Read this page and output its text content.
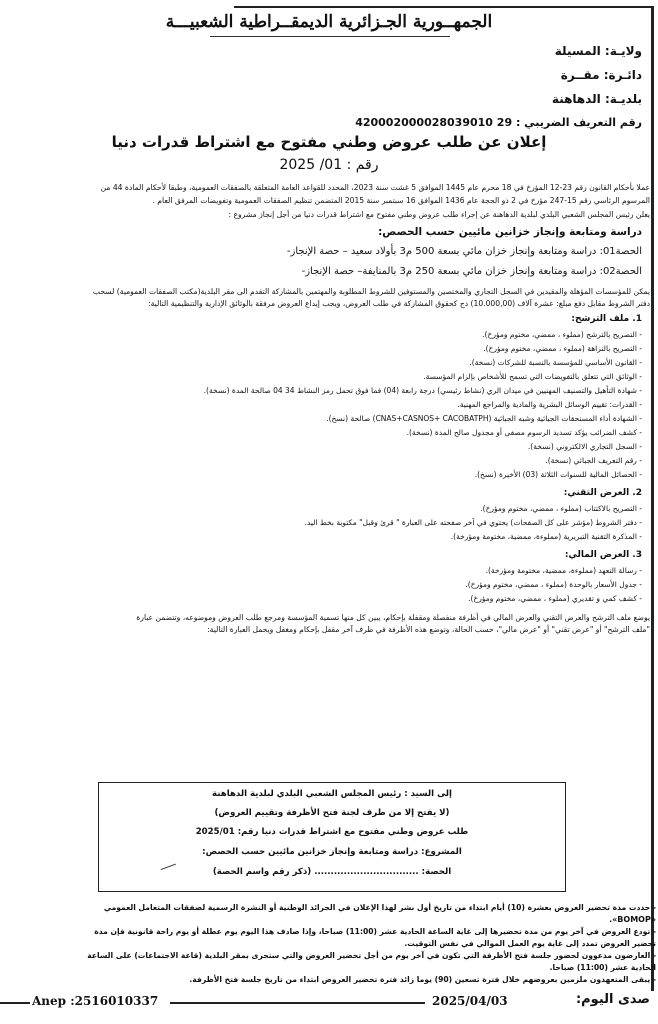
الجمهــورية الجـزائرية الديمقــراطية الشعبيـــة
ولايـة: المسيلة
دائـرة: مقــرة
بلديـة: الدهاهنة
رقم التعريف الضريبي : 420002000028039010 29
إعلان عن طلب عروض وطني مفتوح مع اشتراط قدرات دنيا
رقم : 01/ 2025
عملا بأحكام القانون رقم 23-12 المؤرخ في 18 محرم عام 1445 الموافق 5 غشت سنة 2023، المحدد للقواعد العامة المتعلقة بالصفقات العمومية، وطبقا لأحكام المادة 44 من
المرسوم الرئاسي رقم 15-247 مؤرخ في 2 ذو الحجة عام 1436 الموافق 16 سبتمبر سنة 2015 المتضمن تنظيم الصفقات العمومية وتفويضات المرفق العام .
يعلن رئيس المجلس الشعبي البلدي لبلدية الدهاهنة عن إجراء طلب عروض وطني مفتوح مع اشتراط قدرات دنيا من أجل إنجاز مشروع :
دراسة ومتابعة وإنجاز خزانين مائيين حسب الحصص:
الحصة01: دراسة ومتابعة وإنجاز خزان مائي بسعة 500 م3 بأولاد سعيد – حصة الإنجاز-
الحصة02: دراسة ومتابعة وإنجاز خزان مائي بسعة 250 م3 بالمنايفة– حصة الإنجاز-
يمكن للمؤسسات المؤهلة والمقيدين في السجل التجاري والمختصين والمستوفين للشروط المطلوبة والمهتمين بالمشاركة التقدم الى مقر البلدية(مكتب الصفقات العمومية) لسحب
دفتر الشروط مقابل دفع مبلغ: عشرة آلاف (10.000,00) دج كحقوق المشاركة في طلب العروض، ويجب إيداع العروض مرفقة بالوثائق الإدارية والتنظيمية التالية:
1. ملف الترشح:
- التصريح بالترشح (مملوء ، ممضي، مختوم ومؤرخ).
- التصريح بالنزاهة (مملوء ، ممضي، مختوم ومؤرخ).
- القانون الأساسي للمؤسسة بالنسبة للشركات (نسخة).
- الوثائق التي تتعلق بالتفويضات التي تسمح للأشخاص بإلزام المؤسسة.
- شهادة التأهيل والتصنيف المهنيين في ميدان الري (نشاط رئيسي) درجة رابعة (04) فما فوق تحمل رمز النشاط 34 04 صالحة المدة (نسخة).
- القدرات: تقييم الوسائل البشرية والمادية والمراجع المهنية.
- الشهادة أداء المستحقات الجبائية وشبه الجبائية (CNAS+CASNOS+ CACOBATPH) صالحة (نسخ).
- كشف الضرائب يؤكد تسديد الرسوم مصفى أو مجدول صالح المدة (نسخة).
- السجل التجاري الالكتروني (نسخة).
- رقم التعريف الجبائي (نسخة).
- الحصائل المالية للسنوات الثلاثة (03) الأخيرة (نسخ).
2. العرض التقني:
- التصريح بالاكتتاب (مملوء ، ممضي، مختوم ومؤرخ).
- دفتر الشروط (مؤشر على كل الصفحات) يحتوي في آخر صفحته على العبارة " قرئ وقبل" مكتوبة بخط اليد.
- المذكرة التقنية التبريرية (مملوءة، ممضية، مختومة ومؤرخة).
3. العرض المالي:
- رسالة التعهد (مملوءة، ممضية، مختومة ومؤرخة).
- جدول الأسعار بالوحدة (مملوء ، ممضي، مختوم ومؤرخ).
- كشف كمي و تقديري (مملوء ، ممضي، مختوم ومؤرخ).
يوضع ملف الترشح والعرض التقني والعرض المالي في أظرفة منفصلة ومقفلة بإحكام، يبين كل منها تسمية المؤسسة ومرجع طلب العروض وموضوعه، وتتضمن عبارة
"ملف الترشح" أو "عرض تقني" أو "عرض مالي"، حسب الحالة، وتوضع هذه الأظرفة في ظرف آخر مقفل بإحكام ومغفل ويحمل العبارة التالية:
إلى السيد : رئيس المجلس الشعبي البلدي لبلدية الدهاهنة
(لا يفتح إلا من طرف لجنة فتح الأظرفة وتقييم العروض)
طلب عروض وطني مفتوح مع اشتراط قدرات دنيا رقم: 2025/01
المشروع: دراسة ومتابعة وإنجاز خزانين مائيين حسب الحصص:
الحصة: ................................ (ذكر رقم واسم الحصة)
- حددت مدة تحضير العروض بعشرة (10) أيام ابتداء من تاريخ أول نشر لهذا الإعلان في الجرائد الوطنية أو النشرة الرسمية لصفقات المتعامل العمومي
«BOMOP».
- تودع العروض في آخر يوم من مدة تحضيرها إلى غاية الساعة الحادية عشر (11:00) صباحا، وإذا صادف هذا اليوم يوم عطلة أو يوم راحة قانونية فإن مدة
تحضير العروض تمدد إلى غاية يوم العمل الموالي في نفس التوقيت.
- العارضون مدعوون لحضور جلسة فتح الأظرفة التي تكون في آخر يوم من أجل تحضير العروض والتي ستجرى بمقر البلدية (قاعة الاجتماعات) على الساعة
الحادية عشر (11:00) صباحا.
- يبقى المتعهدون ملزمين بعروضهم خلال فترة تسعين (90) يوما زائد فترة تحضير العروض ابتداء من تاريخ جلسة فتح الأظرفة.
Anep :2516010337	2025/04/03	صدى اليوم:
